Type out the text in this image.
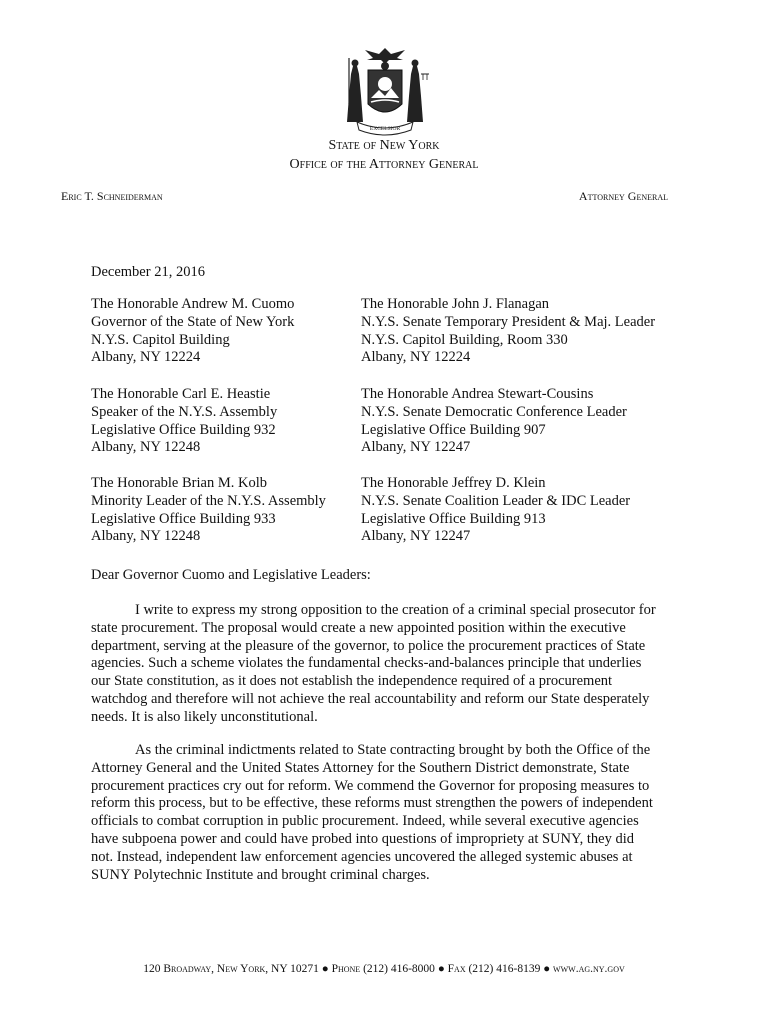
EXCELSIOR
State of New York
Office of the Attorney General
Eric T. Schneiderman	Attorney General
December 21, 2016
The Honorable Andrew M. Cuomo
Governor of the State of New York
N.Y.S. Capitol Building
Albany, NY 12224
The Honorable John J. Flanagan
N.Y.S. Senate Temporary President & Maj. Leader
N.Y.S. Capitol Building, Room 330
Albany, NY 12224
The Honorable Carl E. Heastie
Speaker of the N.Y.S. Assembly
Legislative Office Building 932
Albany, NY 12248
The Honorable Andrea Stewart-Cousins
N.Y.S. Senate Democratic Conference Leader
Legislative Office Building 907
Albany, NY 12247
The Honorable Brian M. Kolb
Minority Leader of the N.Y.S. Assembly
Legislative Office Building 933
Albany, NY 12248
The Honorable Jeffrey D. Klein
N.Y.S. Senate Coalition Leader & IDC Leader
Legislative Office Building 913
Albany, NY 12247
Dear Governor Cuomo and Legislative Leaders:
I write to express my strong opposition to the creation of a criminal special prosecutor for
state procurement. The proposal would create a new appointed position within the executive
department, serving at the pleasure of the governor, to police the procurement practices of State
agencies. Such a scheme violates the fundamental checks-and-balances principle that underlies
our State constitution, as it does not establish the independence required of a procurement
watchdog and therefore will not achieve the real accountability and reform our State desperately
needs. It is also likely unconstitutional.
As the criminal indictments related to State contracting brought by both the Office of the
Attorney General and the United States Attorney for the Southern District demonstrate, State
procurement practices cry out for reform. We commend the Governor for proposing measures to
reform this process, but to be effective, these reforms must strengthen the powers of independent
officials to combat corruption in public procurement. Indeed, while several executive agencies
have subpoena power and could have probed into questions of impropriety at SUNY, they did
not. Instead, independent law enforcement agencies uncovered the alleged systemic abuses at
SUNY Polytechnic Institute and brought criminal charges.
120 Broadway, New York, NY 10271 ● Phone (212) 416-8000 ● Fax (212) 416-8139 ● www.ag.ny.gov
